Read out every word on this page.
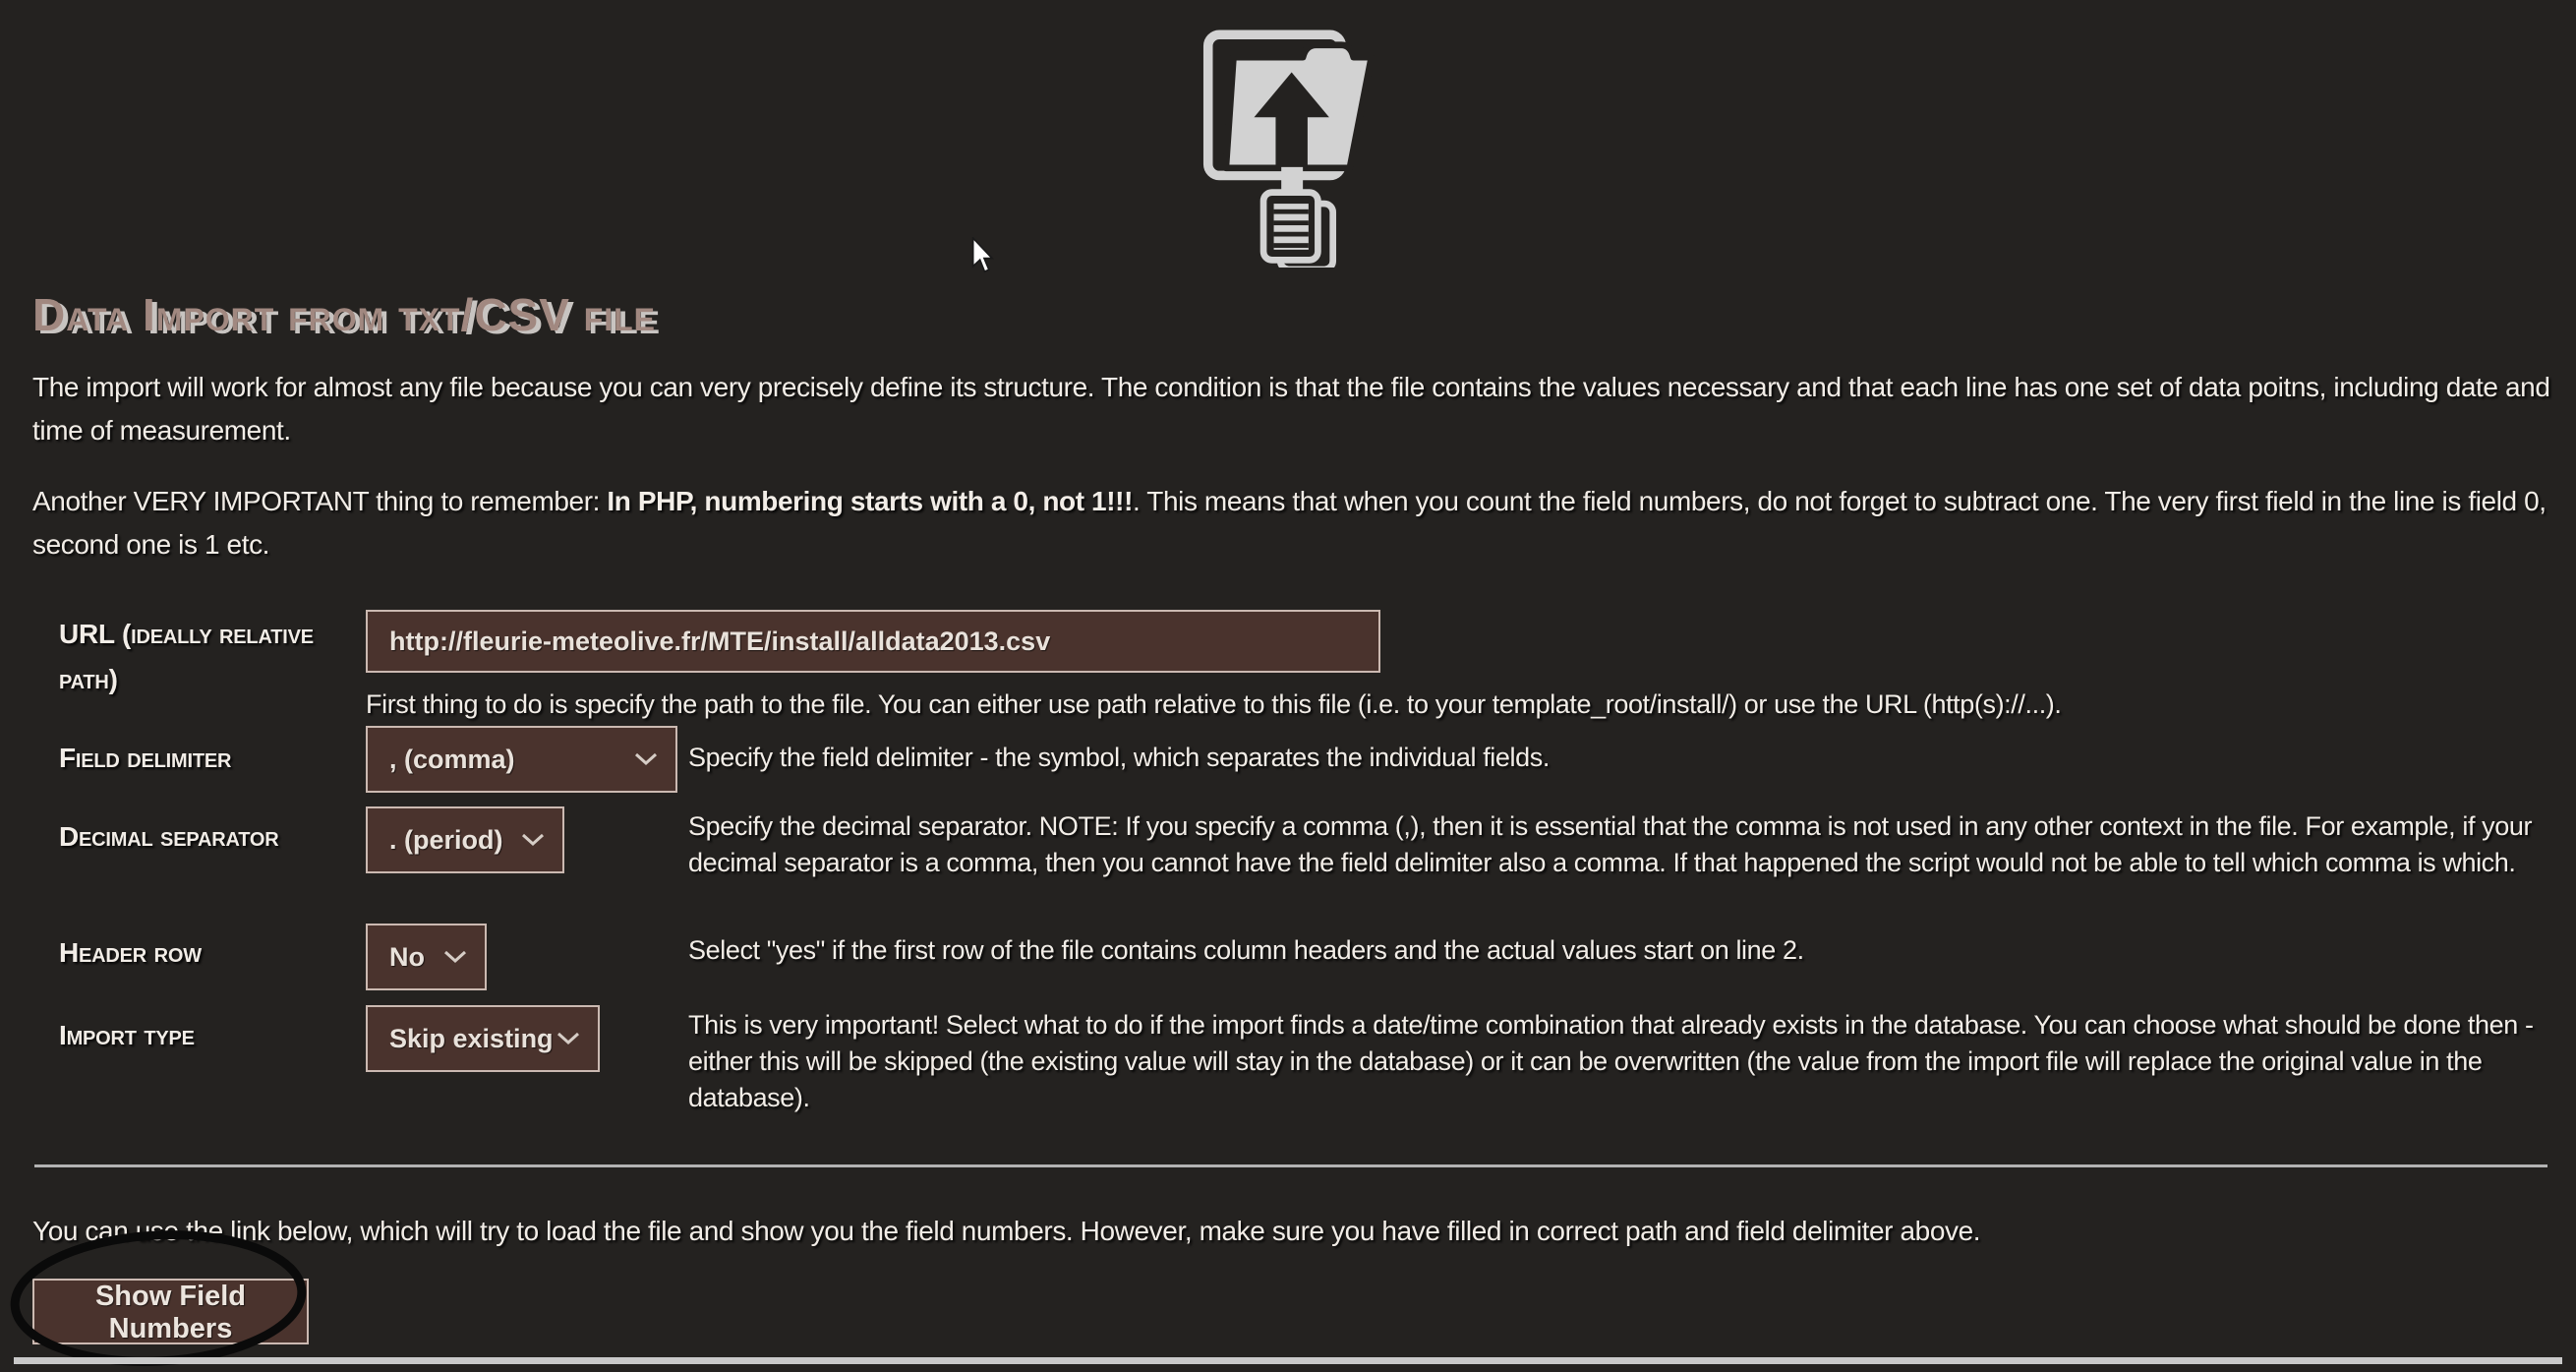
Data Import from txt/CSV file
The import will work for almost any file because you can very precisely define its structure. The condition is that the file contains the values necessary and that each line has one set of data poitns, including date and time of measurement.
Another VERY IMPORTANT thing to remember: In PHP, numbering starts with a 0, not 1!!!. This means that when you count the field numbers, do not forget to subtract one. The very first field in the line is field 0, second one is 1 etc.
URL (ideally relative path)
http://fleurie-meteolive.fr/MTE/install/alldata2013.csv
First thing to do is specify the path to the file. You can either use path relative to this file (i.e. to your template_root/install/) or use the URL (http(s)://...).
Field delimiter	, (comma)	Specify the field delimiter - the symbol, which separates the individual fields.
Decimal separator	. (period)	Specify the decimal separator. NOTE: If you specify a comma (,), then it is essential that the comma is not used in any other context in the file. For example, if your decimal separator is a comma, then you cannot have the field delimiter also a comma. If that happened the script would not be able to tell which comma is which.
Header row	No	Select "yes" if the first row of the file contains column headers and the actual values start on line 2.
Import type	Skip existing	This is very important! Select what to do if the import finds a date/time combination that already exists in the database. You can choose what should be done then - either this will be skipped (the existing value will stay in the database) or it can be overwritten (the value from the import file will replace the original value in the database).
You can use the link below, which will try to load the file and show you the field numbers. However, make sure you have filled in correct path and field delimiter above.
Show Field Numbers
